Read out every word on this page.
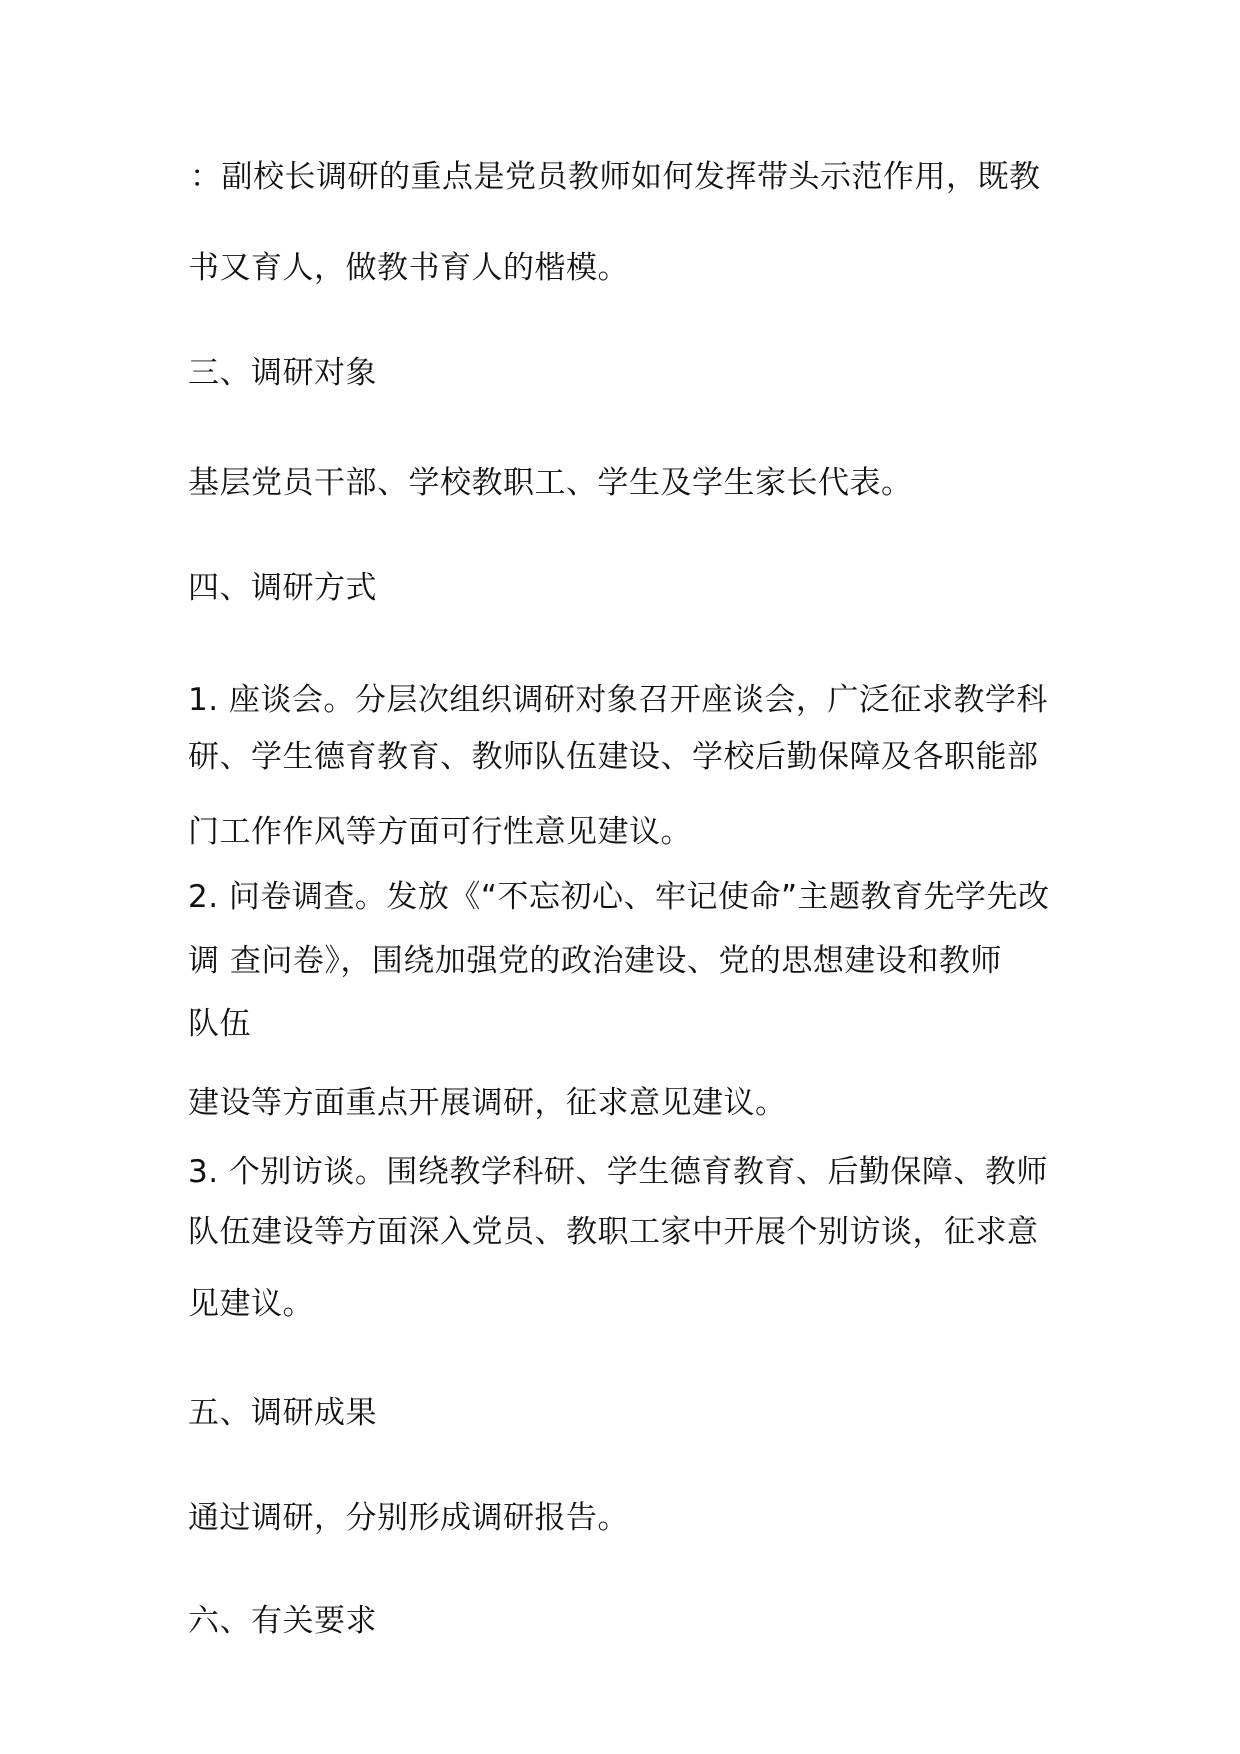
：副校长调研的重点是党员教师如何发挥带头示范作用，既教

书又育人，做教书育人的楷模。

三、调研对象

基层党员干部、学校教职工、学生及学生家长代表。

四、调研方式

1. 座谈会。分层次组织调研对象召开座谈会，广泛征求教学科

研、学生德育教育、教师队伍建设、学校后勤保障及各职能部

门工作作风等方面可行性意见建议。

2. 问卷调查。发放《“不忘初心、牢记使命”主题教育先学先改

调 查问卷》，围绕加强党的政治建设、党的思想建设和教师

队伍

建设等方面重点开展调研，征求意见建议。

3. 个别访谈。围绕教学科研、学生德育教育、后勤保障、教师

队伍建设等方面深入党员、教职工家中开展个别访谈，征求意

见建议。

五、调研成果

通过调研，分别形成调研报告。

六、有关要求
